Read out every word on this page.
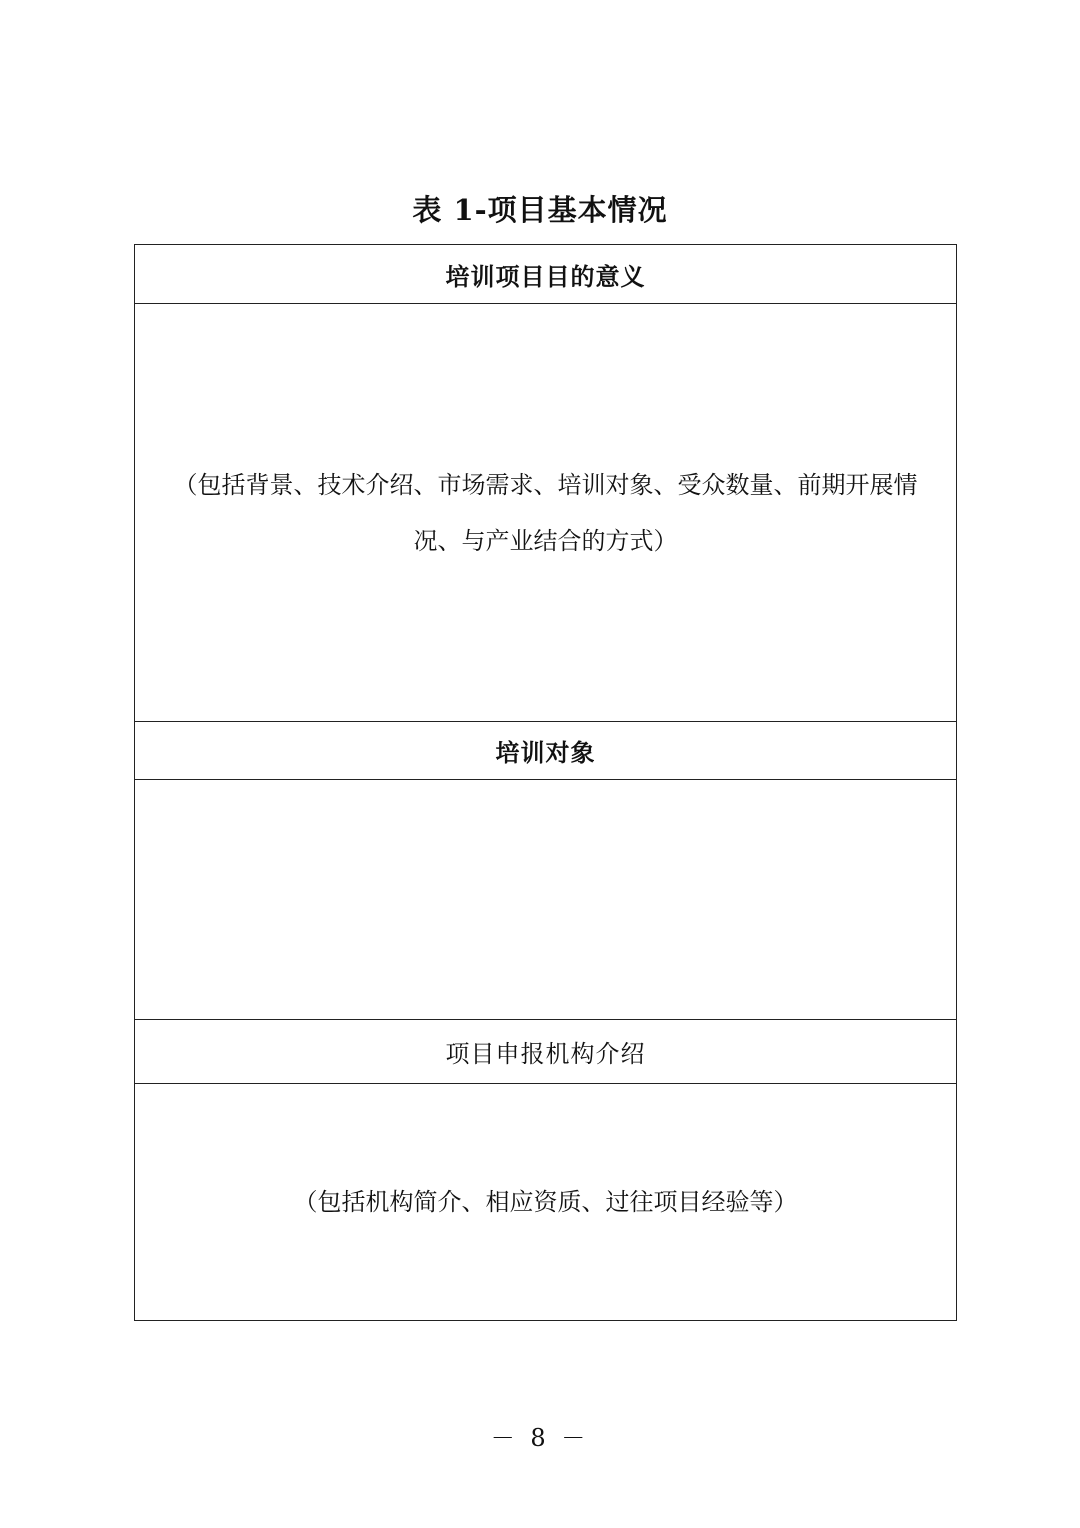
表 1-项目基本情况
培训项目目的意义
（包括背景、技术介绍、市场需求、培训对象、受众数量、前期开展情况、与产业结合的方式）
培训对象
项目申报机构介绍
（包括机构简介、相应资质、过往项目经验等）
－ 8 －
